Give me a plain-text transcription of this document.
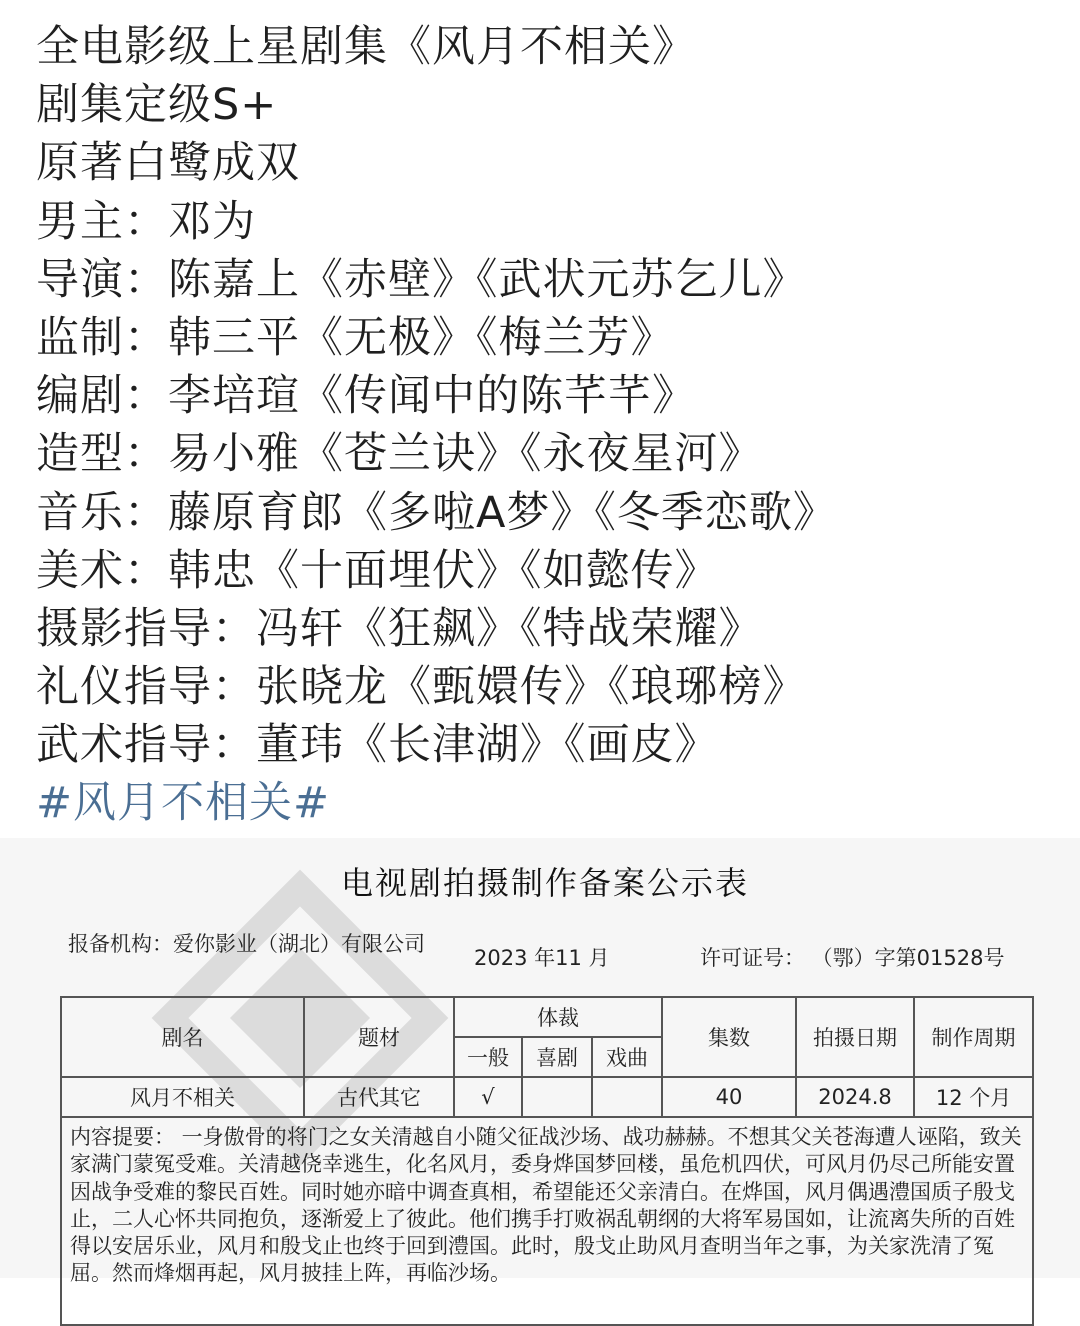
全电影级上星剧集《风月不相关》
剧集定级S+
原著白鹭成双
男主：邓为
导演：陈嘉上《赤壁》《武状元苏乞儿》
监制：韩三平《无极》《梅兰芳》
编剧：李培瑄《传闻中的陈芊芊》
造型：易小雅《苍兰诀》《永夜星河》
音乐：藤原育郎《多啦A梦》《冬季恋歌》
美术：韩忠《十面埋伏》《如懿传》
摄影指导：冯轩《狂飙》《特战荣耀》
礼仪指导：张晓龙《甄嬛传》《琅琊榜》
武术指导：董玮《长津湖》《画皮》
#风月不相关#
电视剧拍摄制作备案公示表
报备机构：爱你影业（湖北）有限公司
2023 年11 月	许可证号： （鄂）字第01528号
剧名	题材	体裁			集数	拍摄日期	制作周期
		一般	喜剧	戏曲			
风月不相关	古代其它	√			40	2024.8	12 个月
内容提要： 一身傲骨的将门之女关清越自小随父征战沙场、战功赫赫。不想其父关苍海遭人诬陷，致关家满门蒙冤受难。关清越侥幸逃生，化名风月，委身烨国梦回楼，虽危机四伏，可风月仍尽己所能安置因战争受难的黎民百姓。同时她亦暗中调查真相，希望能还父亲清白。在烨国，风月偶遇澧国质子殷戈止，二人心怀共同抱负，逐渐爱上了彼此。他们携手打败祸乱朝纲的大将军易国如，让流离失所的百姓得以安居乐业，风月和殷戈止也终于回到澧国。此时，殷戈止助风月查明当年之事，为关家洗清了冤屈。然而烽烟再起，风月披挂上阵，再临沙场。							
